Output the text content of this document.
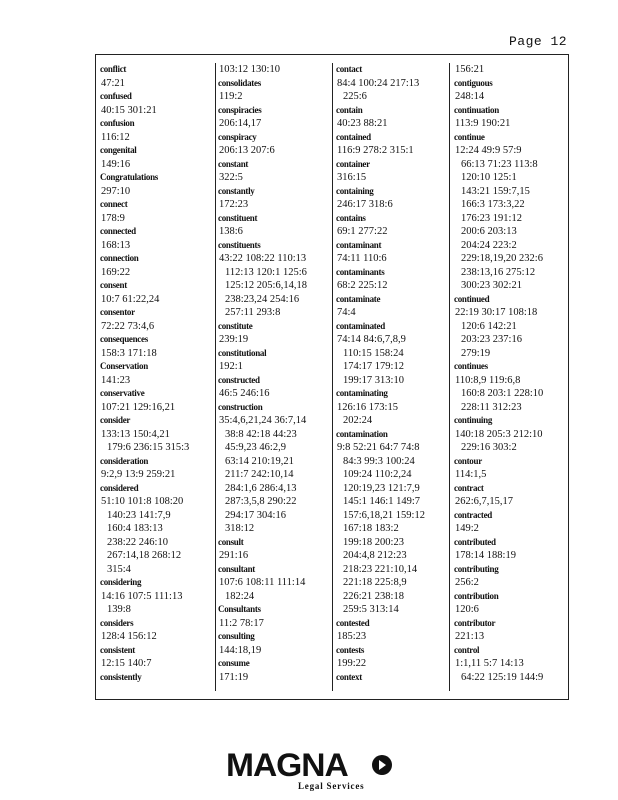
Page 12
conflict
47:21
confused
40:15 301:21
confusion
116:12
congenital
149:16
Congratulations
297:10
connect
178:9
connected
168:13
connection
169:22
consent
10:7 61:22,24
consentor
72:22 73:4,6
consequences
158:3 171:18
Conservation
141:23
conservative
107:21 129:16,21
consider
133:13 150:4,21
179:6 236:15 315:3
consideration
9:2,9 13:9 259:21
considered
51:10 101:8 108:20
140:23 141:7,9
160:4 183:13
238:22 246:10
267:14,18 268:12
315:4
considering
14:16 107:5 111:13
139:8
considers
128:4 156:12
consistent
12:15 140:7
consistently
103:12 130:10
consolidates
119:2
conspiracies
206:14,17
conspiracy
206:13 207:6
constant
322:5
constantly
172:23
constituent
138:6
constituents
43:22 108:22 110:13
112:13 120:1 125:6
125:12 205:6,14,18
238:23,24 254:16
257:11 293:8
constitute
239:19
constitutional
192:1
constructed
46:5 246:16
construction
35:4,6,21,24 36:7,14
38:8 42:18 44:23
45:9,23 46:2,9
63:14 210:19,21
211:7 242:10,14
284:1,6 286:4,13
287:3,5,8 290:22
294:17 304:16
318:12
consult
291:16
consultant
107:6 108:11 111:14
182:24
Consultants
11:2 78:17
consulting
144:18,19
consume
171:19
contact
84:4 100:24 217:13
225:6
contain
40:23 88:21
contained
116:9 278:2 315:1
container
316:15
containing
246:17 318:6
contains
69:1 277:22
contaminant
74:11 110:6
contaminants
68:2 225:12
contaminate
74:4
contaminated
74:14 84:6,7,8,9
110:15 158:24
174:17 179:12
199:17 313:10
contaminating
126:16 173:15
202:24
contamination
9:8 52:21 64:7 74:8
84:3 99:3 100:24
109:24 110:2,24
120:19,23 121:7,9
145:1 146:1 149:7
157:6,18,21 159:12
167:18 183:2
199:18 200:23
204:4,8 212:23
218:23 221:10,14
221:18 225:8,9
226:21 238:18
259:5 313:14
contested
185:23
contests
199:22
context
156:21
contiguous
248:14
continuation
113:9 190:21
continue
12:24 49:9 57:9
66:13 71:23 113:8
120:10 125:1
143:21 159:7,15
166:3 173:3,22
176:23 191:12
200:6 203:13
204:24 223:2
229:18,19,20 232:6
238:13,16 275:12
300:23 302:21
continued
22:19 30:17 108:18
120:6 142:21
203:23 237:16
279:19
continues
110:8,9 119:6,8
160:8 203:1 228:10
228:11 312:23
continuing
140:18 205:3 212:10
229:16 303:2
contour
114:1,5
contract
262:6,7,15,17
contracted
149:2
contributed
178:14 188:19
contributing
256:2
contribution
120:6
contributor
221:13
control
1:1,11 5:7 14:13
64:22 125:19 144:9
MAGNA
Legal Services
